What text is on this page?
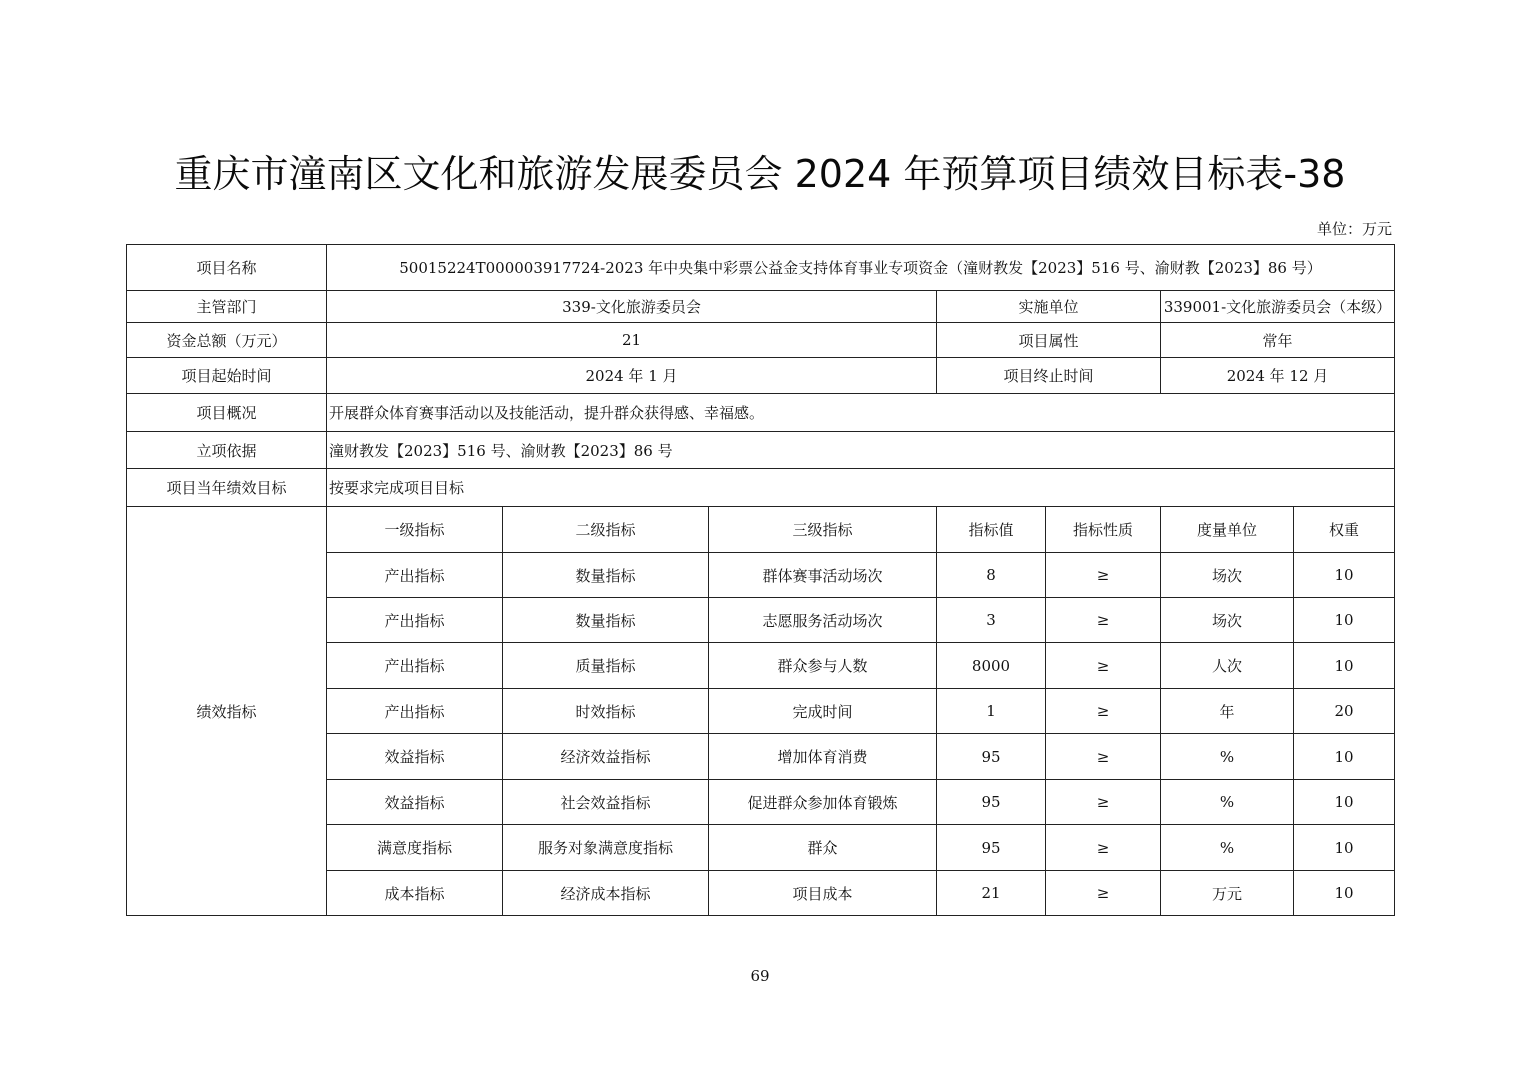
重庆市潼南区文化和旅游发展委员会 2024 年预算项目绩效目标表-38
单位：万元
项目名称	50015224T000003917724-2023 年中央集中彩票公益金支持体育事业专项资金（潼财教发【2023】516 号、渝财教【2023】86 号）						
主管部门	339-文化旅游委员会			实施单位		339001-文化旅游委员会（本级）	
资金总额（万元）	21			项目属性		常年	
项目起始时间	2024 年 1 月			项目终止时间		2024 年 12 月	
项目概况	开展群众体育赛事活动以及技能活动，提升群众获得感、幸福感。						
立项依据	潼财教发【2023】516 号、渝财教【2023】86 号						
项目当年绩效目标	按要求完成项目目标						
绩效指标	一级指标	二级指标	三级指标	指标值	指标性质	度量单位	权重
	产出指标	数量指标	群体赛事活动场次	8	≥	场次	10
	产出指标	数量指标	志愿服务活动场次	3	≥	场次	10
	产出指标	质量指标	群众参与人数	8000	≥	人次	10
	产出指标	时效指标	完成时间	1	≥	年	20
	效益指标	经济效益指标	增加体育消费	95	≥	%	10
	效益指标	社会效益指标	促进群众参加体育锻炼	95	≥	%	10
	满意度指标	服务对象满意度指标	群众	95	≥	%	10
	成本指标	经济成本指标	项目成本	21	≥	万元	10
69
